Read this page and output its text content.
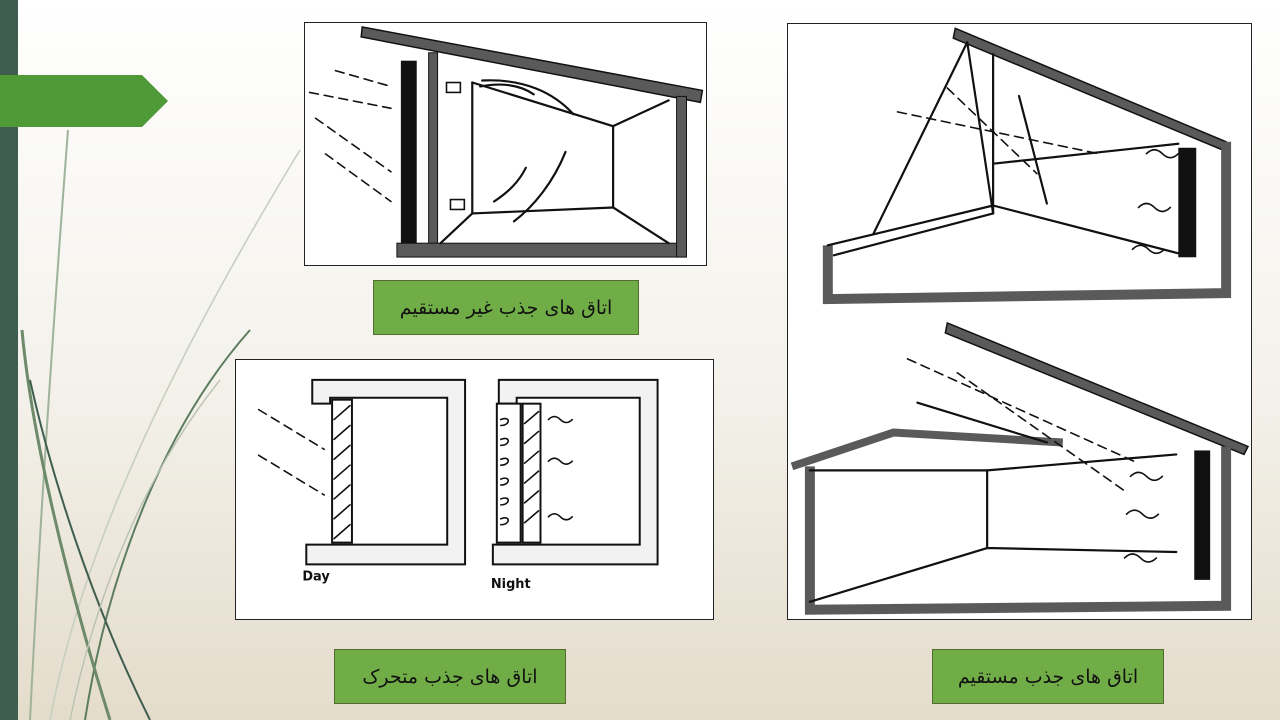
اتاق های جذب غیر مستقیم
Day
Night
اتاق های جذب متحرک	اتاق های جذب مستقیم
